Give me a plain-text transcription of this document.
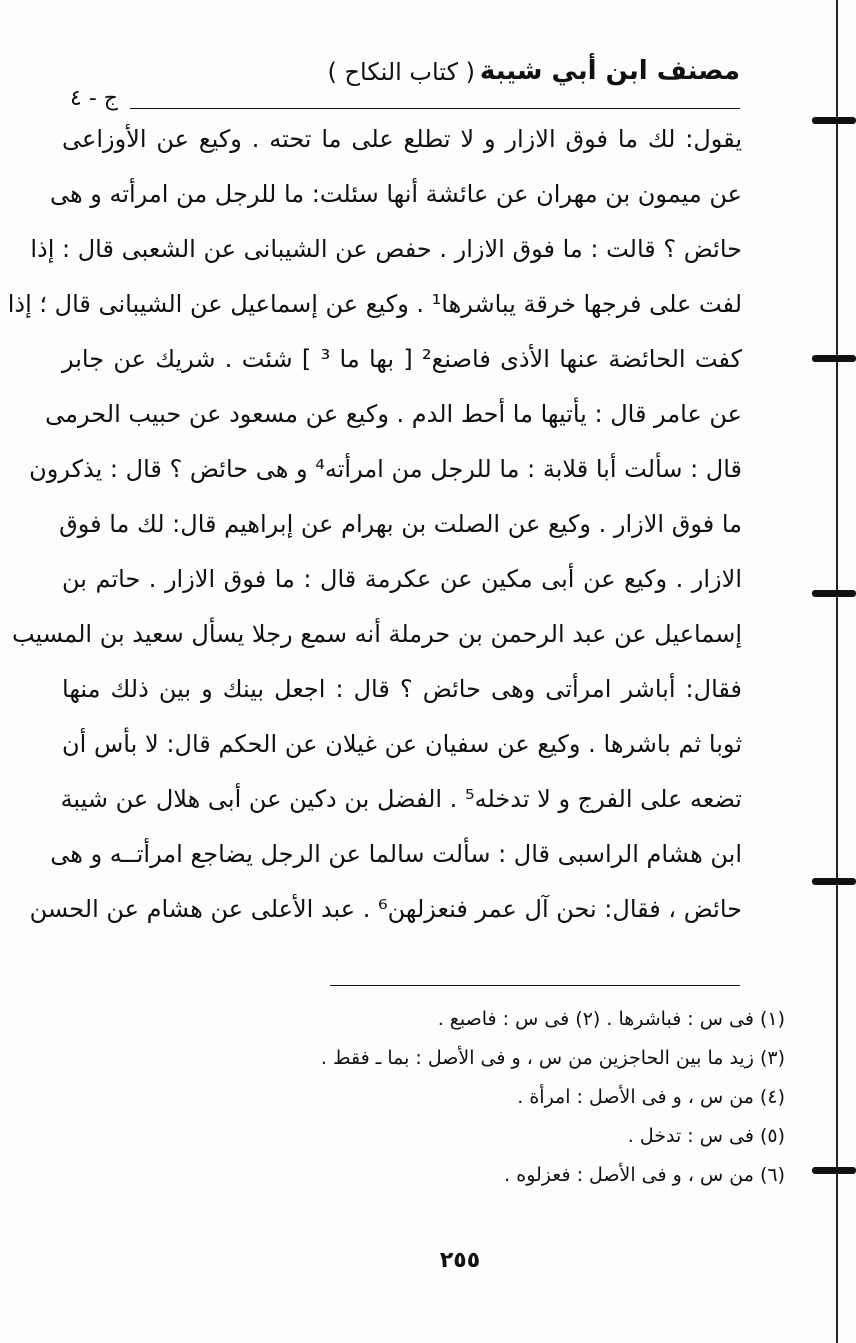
مصنف ابن أبي شيبة
( كتاب النكاح )
ج - ٤
يقول: لك ما فوق الازار و لا تطلع على ما تحته . وكيع عن الأوزاعى
عن ميمون بن مهران عن عائشة أنها سئلت: ما للرجل من امرأته و هى
حائض ؟ قالت : ما فوق الازار . حفص عن الشيبانى عن الشعبى قال : إذا
لفت على فرجها خرقة يباشرها¹ . وكيع عن إسماعيل عن الشيبانى قال ؛ إذا
كفت الحائضة عنها الأذى فاصنع² [ بها ما ³ ] شئت . شريك عن جابر
عن عامر قال : يأتيها ما أحط الدم . وكيع عن مسعود عن حبيب الحرمى
قال : سألت أبا قلابة : ما للرجل من امرأته⁴ و هى حائض ؟ قال : يذكرون
ما فوق الازار . وكيع عن الصلت بن بهرام عن إبراهيم قال: لك ما فوق
الازار . وكيع عن أبى مكين عن عكرمة قال : ما فوق الازار . حاتم بن
إسماعيل عن عبد الرحمن بن حرملة أنه سمع رجلا يسأل سعيد بن المسيب
فقال: أباشر امرأتى وهى حائض ؟ قال : اجعل بينك و بين ذلك منها
ثوبا ثم باشرها . وكيع عن سفيان عن غيلان عن الحكم قال: لا بأس أن
تضعه على الفرج و لا تدخله⁵ . الفضل بن دكين عن أبى هلال عن شيبة
ابن هشام الراسبى قال : سألت سالما عن الرجل يضاجع امرأتــه و هى
حائض ، فقال: نحن آل عمر فنعزلهن⁶ . عبد الأعلى عن هشام عن الحسن
(١) فى س : فباشرها . (٢) فى س : فاصبع .
(٣) زيد ما بين الحاجزين من س ، و فى الأصل : بما ـ فقط .
(٤) من س ، و فى الأصل : امرأة .
(٥) فى س : تدخل .
(٦) من س ، و فى الأصل : فعزلوه .
٢٥٥
